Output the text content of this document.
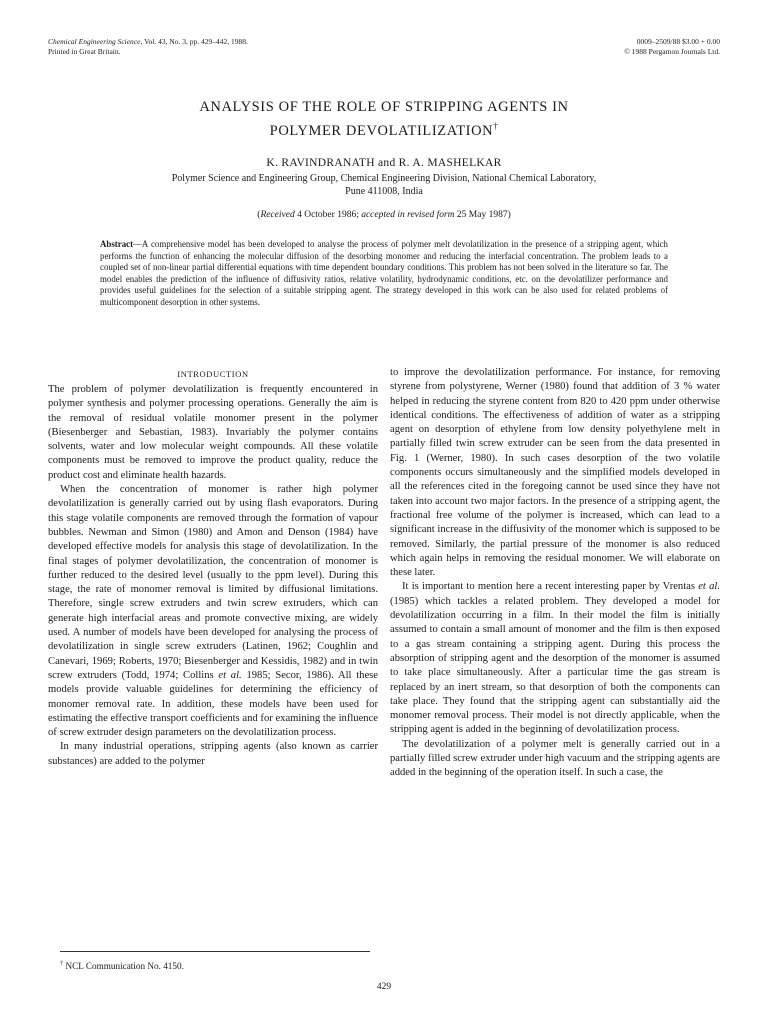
Chemical Engineering Science, Vol. 43, No. 3, pp. 429–442, 1988.
Printed in Great Britain.
0009–2509/88 $3.00 + 0.00
© 1988 Pergamon Journals Ltd.
ANALYSIS OF THE ROLE OF STRIPPING AGENTS IN
POLYMER DEVOLATILIZATION†
K. RAVINDRANATH and R. A. MASHELKAR
Polymer Science and Engineering Group, Chemical Engineering Division, National Chemical Laboratory,
Pune 411008, India
(Received 4 October 1986; accepted in revised form 25 May 1987)
Abstract—A comprehensive model has been developed to analyse the process of polymer melt devolatilization in the presence of a stripping agent, which performs the function of enhancing the molecular diffusion of the desorbing monomer and reducing the interfacial concentration. The problem leads to a coupled set of non-linear partial differential equations with time dependent boundary conditions. This problem has not been solved in the literature so far. The model enables the prediction of the influence of diffusivity ratios, relative volatility, hydrodynamic conditions, etc. on the devolatilizer performance and provides useful guidelines for the selection of a suitable stripping agent. The strategy developed in this work can be also used for related problems of multicomponent desorption in other systems.
INTRODUCTION

The problem of polymer devolatilization is frequently encountered in polymer synthesis and polymer processing operations. Generally the aim is the removal of residual volatile monomer present in the polymer (Biesenberger and Sebastian, 1983). Invariably the polymer contains solvents, water and low molecular weight compounds. All these volatile components must be removed to improve the product quality, reduce the product cost and eliminate health hazards.

When the concentration of monomer is rather high polymer devolatilization is generally carried out by using flash evaporators. During this stage volatile components are removed through the formation of vapour bubbles. Newman and Simon (1980) and Amon and Denson (1984) have developed effective models for analysis this stage of devolatilization. In the final stages of polymer devolatilization, the concentration of monomer is further reduced to the desired level (usually to the ppm level). During this stage, the rate of monomer removal is limited by diffusional limitations. Therefore, single screw extruders and twin screw extruders, which can generate high interfacial areas and promote convective mixing, are widely used. A number of models have been developed for analysing the process of devolatilization in single screw extruders (Latinen, 1962; Coughlin and Canevari, 1969; Roberts, 1970; Biesenberger and Kessidis, 1982) and in twin screw extruders (Todd, 1974; Collins et al. 1985; Secor, 1986). All these models provide valuable guidelines for determining the efficiency of monomer removal rate. In addition, these models have been used for estimating the effective transport coefficients and for examining the influence of screw extruder design parameters on the devolatilization process.

In many industrial operations, stripping agents (also known as carrier substances) are added to the polymer

to improve the devolatilization performance. For instance, for removing styrene from polystyrene, Werner (1980) found that addition of 3 % water helped in reducing the styrene content from 820 to 420 ppm under otherwise identical conditions. The effectiveness of addition of water as a stripping agent on desorption of ethylene from low density polyethylene melt in partially filled twin screw extruder can be seen from the data presented in Fig. 1 (Werner, 1980). In such cases desorption of the two volatile components occurs simultaneously and the simplified models developed in all the references cited in the foregoing cannot be used since they have not taken into account two major factors. In the presence of a stripping agent, the fractional free volume of the polymer is increased, which can lead to a significant increase in the diffusivity of the monomer which is supposed to be removed. Similarly, the partial pressure of the monomer is also reduced which again helps in removing the residual monomer. We will elaborate on these later.

It is important to mention here a recent interesting paper by Vrentas et al. (1985) which tackles a related problem. They developed a model for devolatilization occurring in a film. In their model the film is initially assumed to contain a small amount of monomer and the film is then exposed to a gas stream containing a stripping agent. During this process the absorption of stripping agent and the desorption of the monomer is assumed to take place simultaneously. After a particular time the gas stream is replaced by an inert stream, so that desorption of both the components can take place. They found that the stripping agent can substantially aid the monomer removal process. Their model is not directly applicable, when the stripping agent is added in the beginning of devolatilization process.

The devolatilization of a polymer melt is generally carried out in a partially filled screw extruder under high vacuum and the stripping agents are added in the beginning of the operation itself. In such a case, the

† NCL Communication No. 4150.
429
